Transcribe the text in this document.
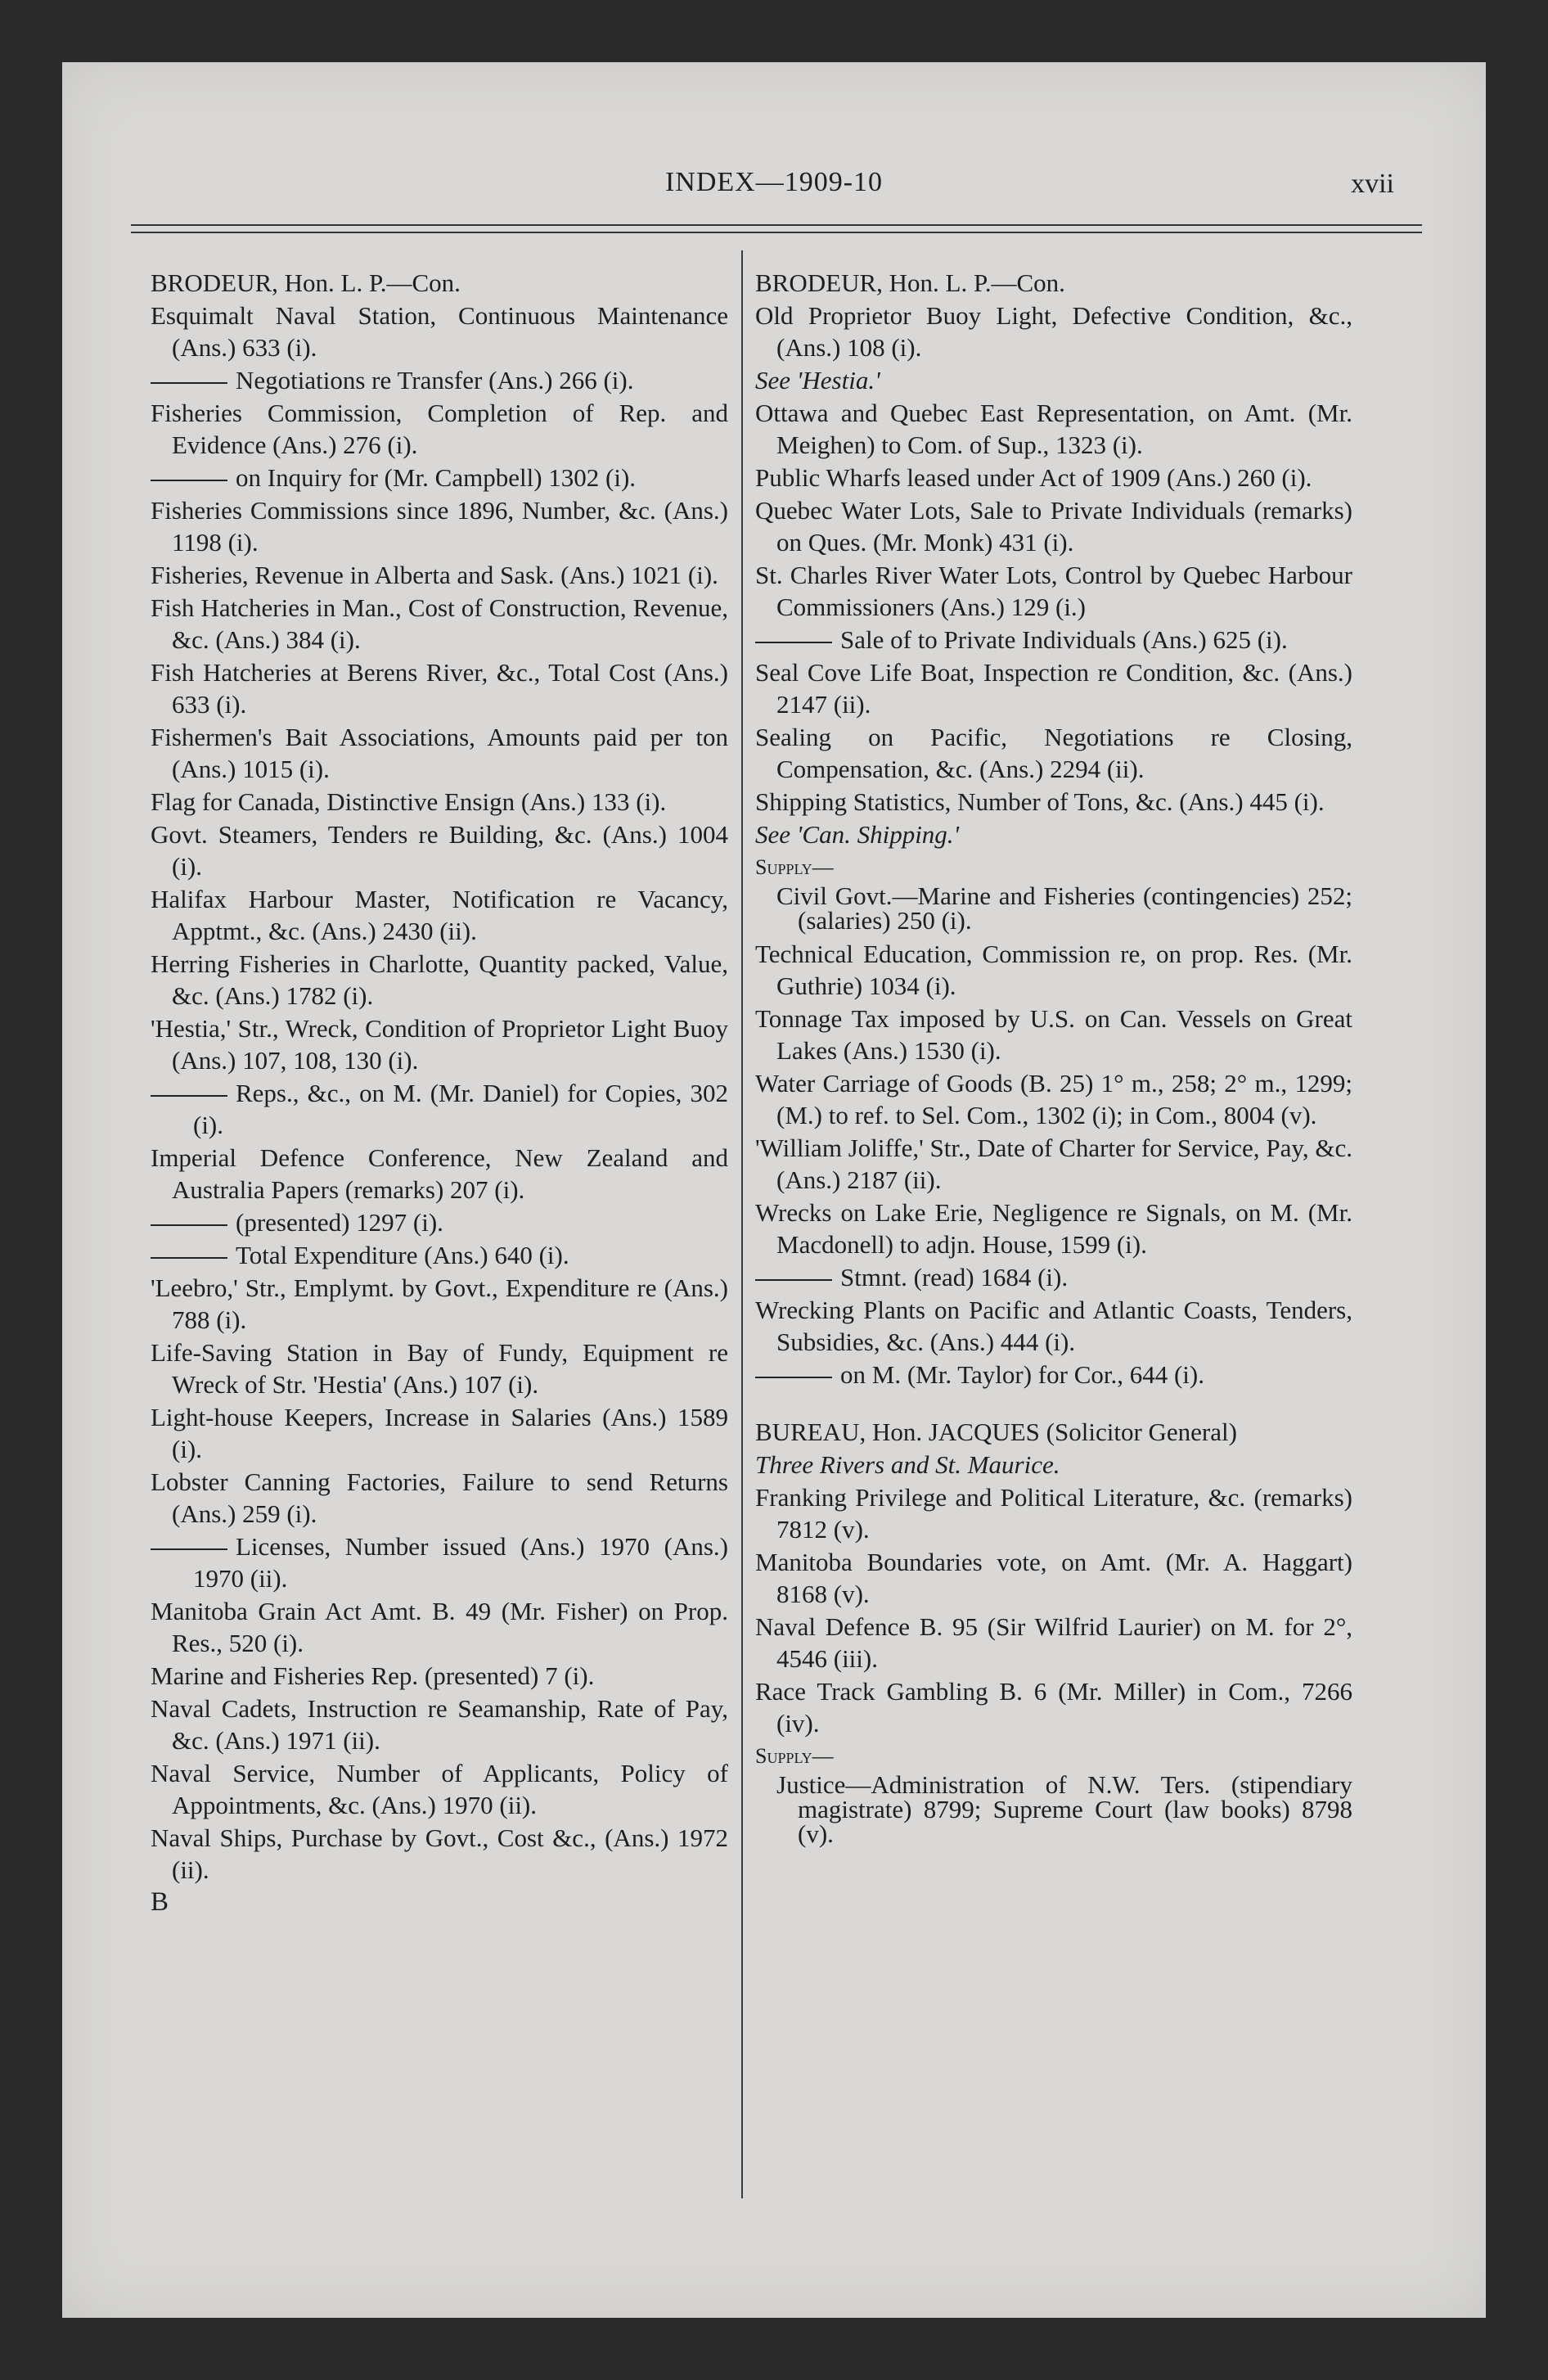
INDEX—1909-10	xvii
BRODEUR, Hon. L. P.—Con.
Esquimalt Naval Station, Continuous Maintenance (Ans.) 633 (i).
Negotiations re Transfer (Ans.) 266 (i).
Fisheries Commission, Completion of Rep. and Evidence (Ans.) 276 (i).
on Inquiry for (Mr. Campbell) 1302 (i).
Fisheries Commissions since 1896, Number, &c. (Ans.) 1198 (i).
Fisheries, Revenue in Alberta and Sask. (Ans.) 1021 (i).
Fish Hatcheries in Man., Cost of Construction, Revenue, &c. (Ans.) 384 (i).
Fish Hatcheries at Berens River, &c., Total Cost (Ans.) 633 (i).
Fishermen's Bait Associations, Amounts paid per ton (Ans.) 1015 (i).
Flag for Canada, Distinctive Ensign (Ans.) 133 (i).
Govt. Steamers, Tenders re Building, &c. (Ans.) 1004 (i).
Halifax Harbour Master, Notification re Vacancy, Apptmt., &c. (Ans.) 2430 (ii).
Herring Fisheries in Charlotte, Quantity packed, Value, &c. (Ans.) 1782 (i).
'Hestia,' Str., Wreck, Condition of Proprietor Light Buoy (Ans.) 107, 108, 130 (i).
Reps., &c., on M. (Mr. Daniel) for Copies, 302 (i).
Imperial Defence Conference, New Zealand and Australia Papers (remarks) 207 (i).
(presented) 1297 (i).
Total Expenditure (Ans.) 640 (i).
'Leebro,' Str., Emplymt. by Govt., Expenditure re (Ans.) 788 (i).
Life-Saving Station in Bay of Fundy, Equipment re Wreck of Str. 'Hestia' (Ans.) 107 (i).
Light-house Keepers, Increase in Salaries (Ans.) 1589 (i).
Lobster Canning Factories, Failure to send Returns (Ans.) 259 (i).
Licenses, Number issued (Ans.) 1970 (Ans.) 1970 (ii).
Manitoba Grain Act Amt. B. 49 (Mr. Fisher) on Prop. Res., 520 (i).
Marine and Fisheries Rep. (presented) 7 (i).
Naval Cadets, Instruction re Seamanship, Rate of Pay, &c. (Ans.) 1971 (ii).
Naval Service, Number of Applicants, Policy of Appointments, &c. (Ans.) 1970 (ii).
Naval Ships, Purchase by Govt., Cost &c., (Ans.) 1972 (ii).
B
BRODEUR, Hon. L. P.—Con.
Old Proprietor Buoy Light, Defective Condition, &c., (Ans.) 108 (i).
See 'Hestia.'
Ottawa and Quebec East Representation, on Amt. (Mr. Meighen) to Com. of Sup., 1323 (i).
Public Wharfs leased under Act of 1909 (Ans.) 260 (i).
Quebec Water Lots, Sale to Private Individuals (remarks) on Ques. (Mr. Monk) 431 (i).
St. Charles River Water Lots, Control by Quebec Harbour Commissioners (Ans.) 129 (i.)
Sale of to Private Individuals (Ans.) 625 (i).
Seal Cove Life Boat, Inspection re Condition, &c. (Ans.) 2147 (ii).
Sealing on Pacific, Negotiations re Closing, Compensation, &c. (Ans.) 2294 (ii).
Shipping Statistics, Number of Tons, &c. (Ans.) 445 (i).
See 'Can. Shipping.'
Supply—
Civil Govt.—Marine and Fisheries (contingencies) 252; (salaries) 250 (i).
Technical Education, Commission re, on prop. Res. (Mr. Guthrie) 1034 (i).
Tonnage Tax imposed by U.S. on Can. Vessels on Great Lakes (Ans.) 1530 (i).
Water Carriage of Goods (B. 25) 1° m., 258; 2° m., 1299; (M.) to ref. to Sel. Com., 1302 (i); in Com., 8004 (v).
'William Joliffe,' Str., Date of Charter for Service, Pay, &c. (Ans.) 2187 (ii).
Wrecks on Lake Erie, Negligence re Signals, on M. (Mr. Macdonell) to adjn. House, 1599 (i).
Stmnt. (read) 1684 (i).
Wrecking Plants on Pacific and Atlantic Coasts, Tenders, Subsidies, &c. (Ans.) 444 (i).
on M. (Mr. Taylor) for Cor., 644 (i).
BUREAU, Hon. JACQUES (Solicitor General)
Three Rivers and St. Maurice.
Franking Privilege and Political Literature, &c. (remarks) 7812 (v).
Manitoba Boundaries vote, on Amt. (Mr. A. Haggart) 8168 (v).
Naval Defence B. 95 (Sir Wilfrid Laurier) on M. for 2°, 4546 (iii).
Race Track Gambling B. 6 (Mr. Miller) in Com., 7266 (iv).
Supply—
Justice—Administration of N.W. Ters. (stipendiary magistrate) 8799; Supreme Court (law books) 8798 (v).
